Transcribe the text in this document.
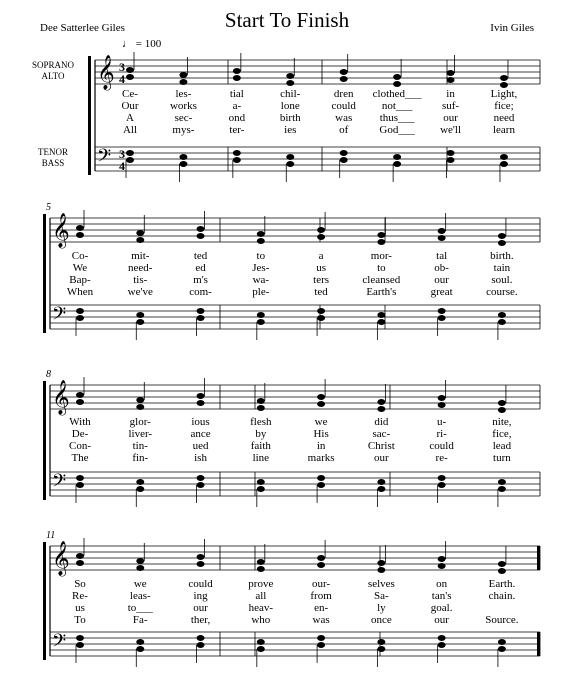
Start To Finish
Dee Satterlee Giles	Ivin Giles
♩ = 100
SOPRANO
ALTO
TENOR
BASS
𝄞
𝄢
3
3
4
4
𝄞
𝄢
𝄞
𝄢
𝄞
𝄢
Ce-	les-	tial	chil-	dren clothed___ in	Light,
Our	works	a-	lone	could not___	suf-	fice;
A	sec-	ond	birth	was thus___	our	need
All	mys-	ter-	ies	of	God___ we'll	learn
5
Co-	mit-	ted	to	a	mor-	tal	birth.
We	need-	ed	Jes-	us	to	ob-	tain
Bap-	tis-	m's	wa-	ters	cleansed	our	soul.
When	we've	com-	ple-	ted	Earth's	great	course.
8
With	glor-	ious	flesh	we	did	u-	nite,
De-	liver-	ance	by	His	sac-	ri-	fice,
Con-	tin-	ued	faith	in	Christ	could	lead
The	fin-	ish	line	marks	our	re-	turn
11
So	we	could	prove	our-	selves	on	Earth.
Re-	leas-	ing	all	from	Sa-	tan's	chain.
us	to___	our	heav-	en-	ly	goal.
To	Fa-	ther,	who	was	once	our	Source.
